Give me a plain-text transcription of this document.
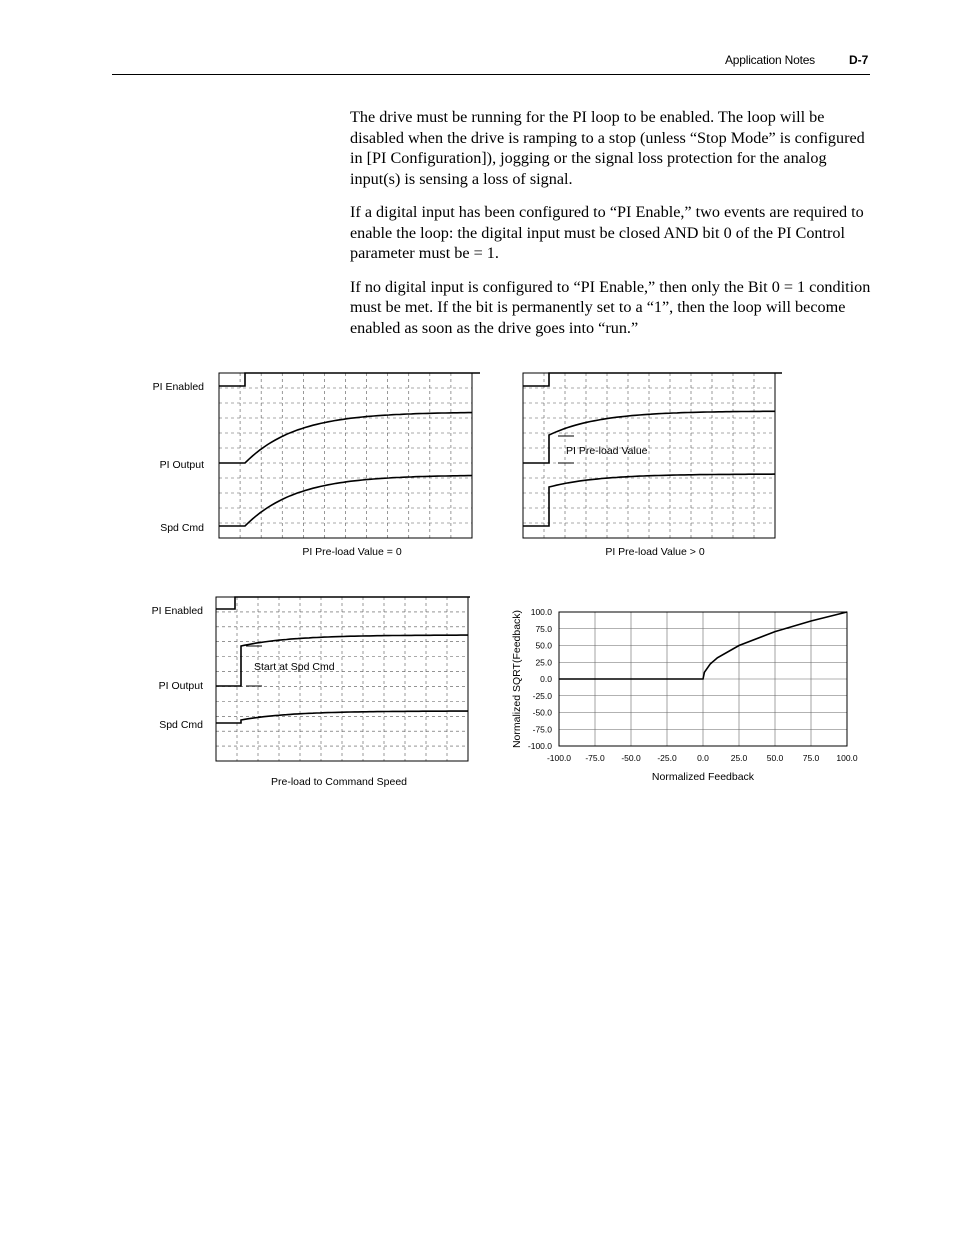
Application Notes	D-7

The drive must be running for the PI loop to be enabled. The loop will be disabled when the drive is ramping to a stop (unless “Stop Mode” is configured in [PI Configuration]), jogging or the signal loss protection for the analog input(s) is sensing a loss of signal.

If a digital input has been configured to “PI Enable,” two events are required to enable the loop: the digital input must be closed AND bit 0 of the PI Control parameter must be = 1.

If no digital input is configured to “PI Enable,” then only the Bit 0 = 1 condition must be met. If the bit is permanently set to a “1”, then the loop will become enabled as soon as the drive goes into “run.”

PI Enabled
PI Output
Spd Cmd
PI Pre-load Value = 0
PI Pre-load Value
PI Pre-load Value > 0
Start at Spd Cmd
PI Enabled
PI Output
Spd Cmd
Pre-load to Command Speed
100.0
75.0
50.0
25.0
0.0
-25.0
-50.0
-75.0
-100.0
-100.0 -75.0 -50.0 -25.0 0.0	25.0 50.0 75.0 100.0
Normalized Feedback
Normalized SQRT(Feedback)
